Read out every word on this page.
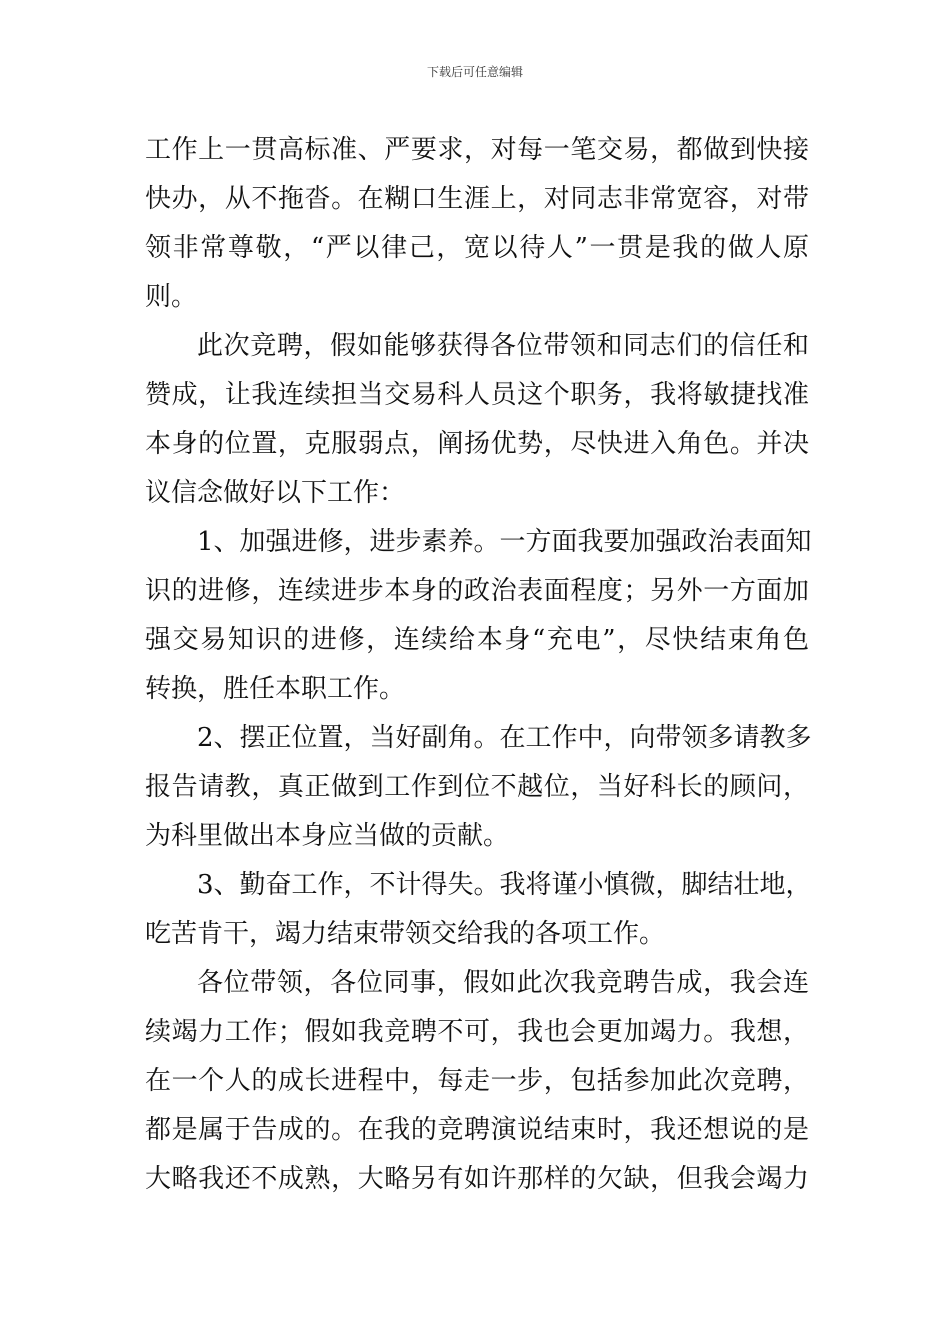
下载后可任意编辑
工作上一贯高标准、严要求，对每一笔交易，都做到快接
快办，从不拖沓。在糊口生涯上，对同志非常宽容，对带
领非常尊敬，“严以律己，宽以待人”一贯是我的做人原
则。
此次竞聘，假如能够获得各位带领和同志们的信任和
赞成，让我连续担当交易科人员这个职务，我将敏捷找准
本身的位置，克服弱点，阐扬优势，尽快进入角色。并决
议信念做好以下工作：
1、加强进修，进步素养。一方面我要加强政治表面知
识的进修，连续进步本身的政治表面程度；另外一方面加
强交易知识的进修，连续给本身“充电”，尽快结束角色
转换，胜任本职工作。
2、摆正位置，当好副角。在工作中，向带领多请教多
报告请教，真正做到工作到位不越位，当好科长的顾问，
为科里做出本身应当做的贡献。
3、勤奋工作，不计得失。我将谨小慎微，脚结壮地，
吃苦肯干，竭力结束带领交给我的各项工作。
各位带领，各位同事，假如此次我竞聘告成，我会连
续竭力工作；假如我竞聘不可，我也会更加竭力。我想，
在一个人的成长进程中，每走一步，包括参加此次竞聘，
都是属于告成的。在我的竞聘演说结束时，我还想说的是
大略我还不成熟，大略另有如许那样的欠缺，但我会竭力
